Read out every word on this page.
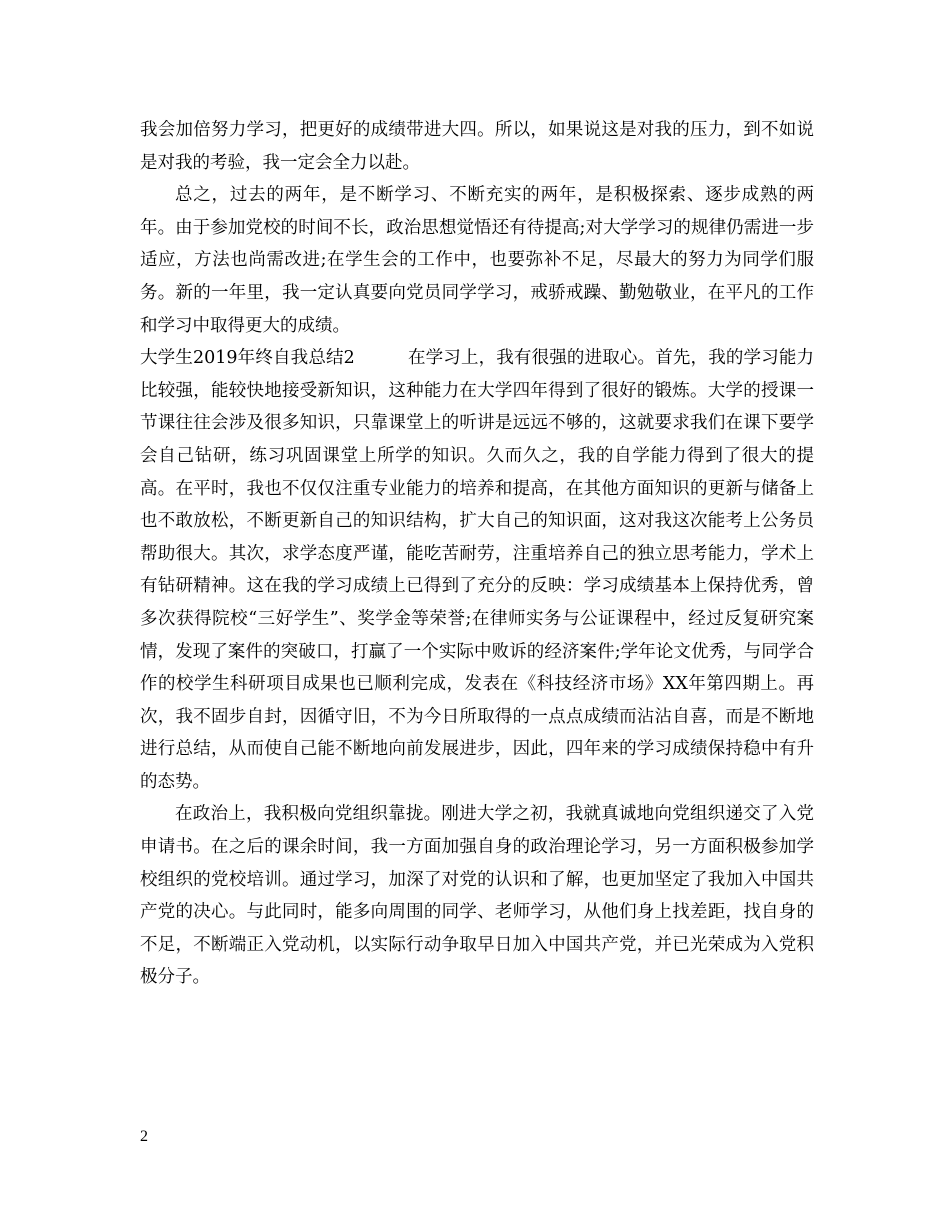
我会加倍努力学习，把更好的成绩带进大四。所以，如果说这是对我的压力，到不如说是对我的考验，我一定会全力以赴。

总之，过去的两年，是不断学习、不断充实的两年，是积极探索、逐步成熟的两年。由于参加党校的时间不长，政治思想觉悟还有待提高;对大学学习的规律仍需进一步适应，方法也尚需改进;在学生会的工作中，也要弥补不足，尽最大的努力为同学们服务。新的一年里，我一定认真要向党员同学学习，戒骄戒躁、勤勉敬业，在平凡的工作和学习中取得更大的成绩。

大学生2019年终自我总结2　　　	在学习上，我有很强的进取心。首先，我的学习能力比较强，能较快地接受新知识，这种能力在大学四年得到了很好的锻炼。大学的授课一节课往往会涉及很多知识，只靠课堂上的听讲是远远不够的，这就要求我们在课下要学会自己钻研，练习巩固课堂上所学的知识。久而久之，我的自学能力得到了很大的提高。在平时，我也不仅仅注重专业能力的培养和提高，在其他方面知识的更新与储备上也不敢放松，不断更新自己的知识结构，扩大自己的知识面，这对我这次能考上公务员帮助很大。其次，求学态度严谨，能吃苦耐劳，注重培养自己的独立思考能力，学术上有钻研精神。这在我的学习成绩上已得到了充分的反映：学习成绩基本上保持优秀，曾多次获得院校“三好学生”、奖学金等荣誉;在律师实务与公证课程中，经过反复研究案情，发现了案件的突破口，打赢了一个实际中败诉的经济案件;学年论文优秀，与同学合作的校学生科研项目成果也已顺利完成，发表在《科技经济市场》XX年第四期上。再次，我不固步自封，因循守旧，不为今日所取得的一点点成绩而沾沾自喜，而是不断地进行总结，从而使自己能不断地向前发展进步，因此，四年来的学习成绩保持稳中有升的态势。

在政治上，我积极向党组织靠拢。刚进大学之初，我就真诚地向党组织递交了入党申请书。在之后的课余时间，我一方面加强自身的政治理论学习，另一方面积极参加学校组织的党校培训。通过学习，加深了对党的认识和了解，也更加坚定了我加入中国共产党的决心。与此同时，能多向周围的同学、老师学习，从他们身上找差距，找自身的不足，不断端正入党动机，以实际行动争取早日加入中国共产党，并已光荣成为入党积极分子。

2
